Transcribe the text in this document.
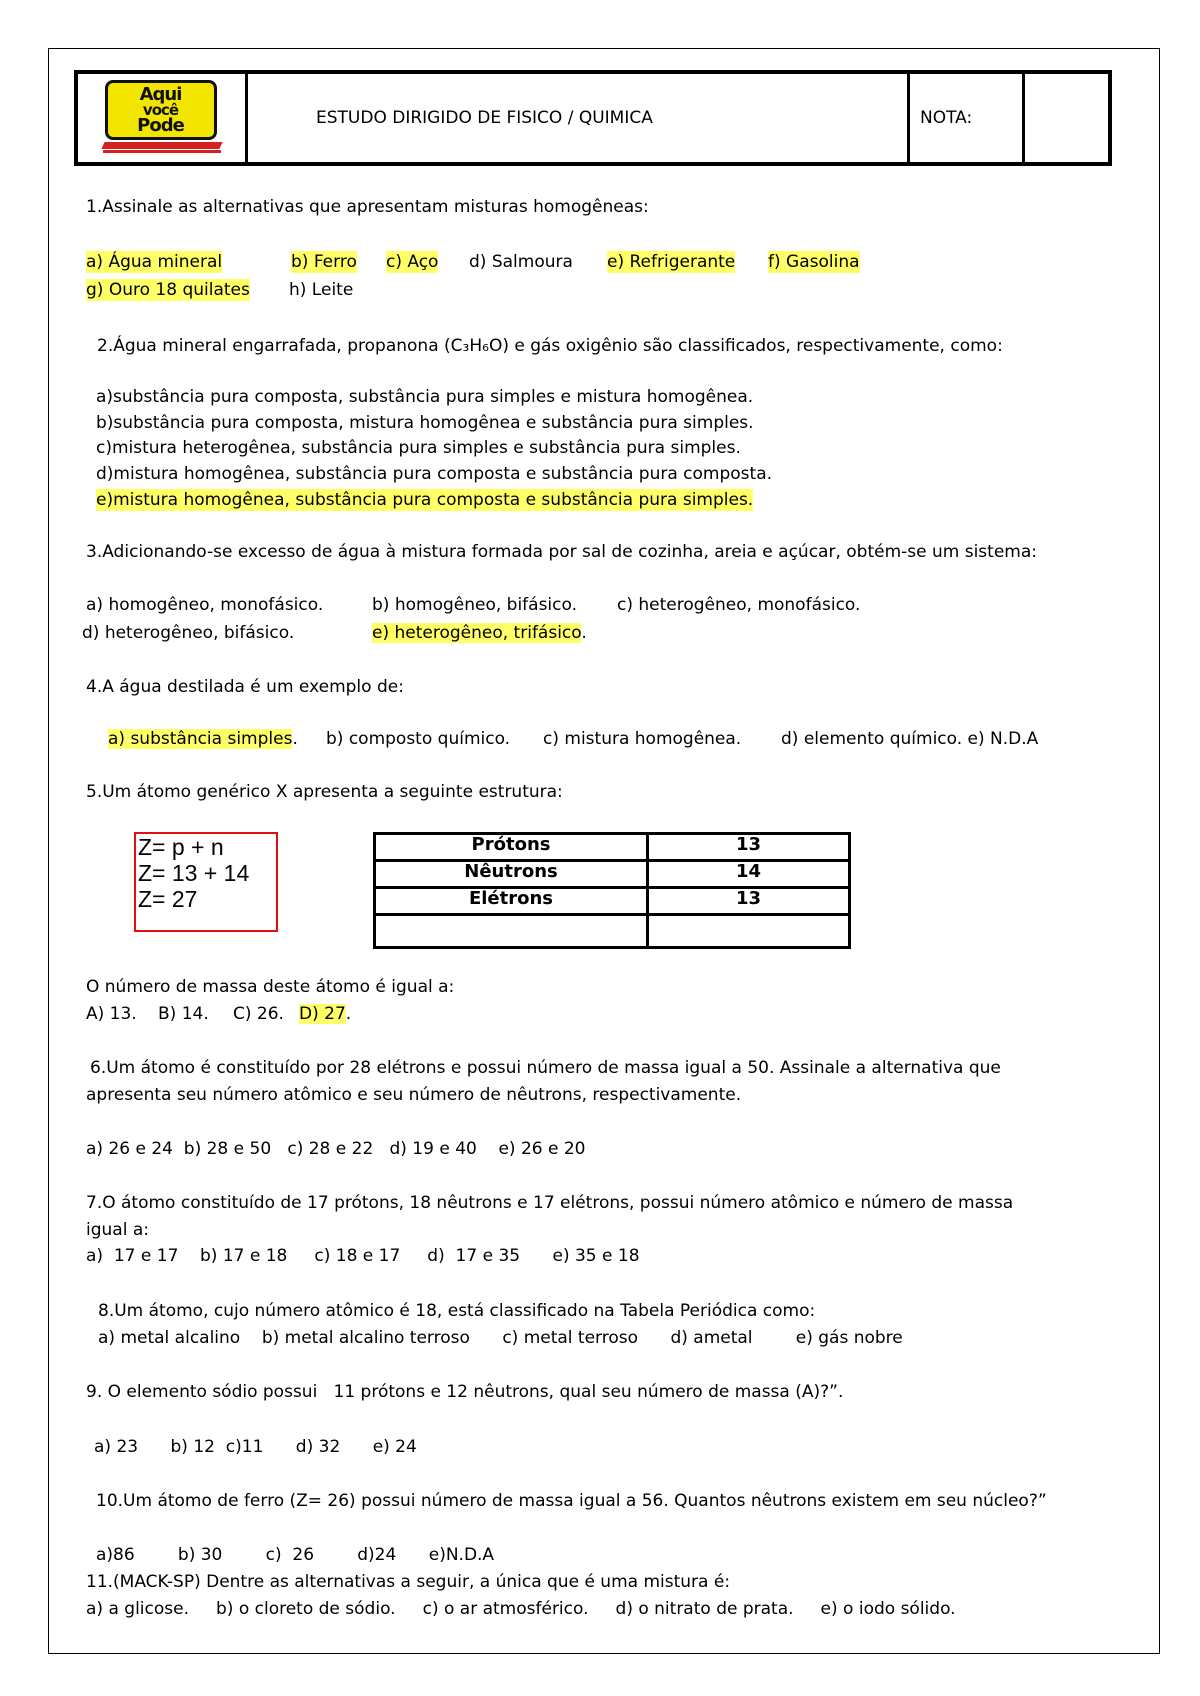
Aqui
você
Pode	ESTUDO DIRIGIDO DE FISICO / QUIMICA	NOTA:
1.Assinale as alternativas que apresentam misturas homogêneas:
a) Água mineral	b) Ferro c) Aço d) Salmoura e) Refrigerante f) Gasolina
g) Ouro 18 quilates h) Leite
2.Água mineral engarrafada, propanona (C₃H₆O) e gás oxigênio são classificados, respectivamente, como:
a)substância pura composta, substância pura simples e mistura homogênea.
b)substância pura composta, mistura homogênea e substância pura simples.
c)mistura heterogênea, substância pura simples e substância pura simples.
d)mistura homogênea, substância pura composta e substância pura composta.
e)mistura homogênea, substância pura composta e substância pura simples.
3.Adicionando-se excesso de água à mistura formada por sal de cozinha, areia e açúcar, obtém-se um sistema:
a) homogêneo, monofásico.	b) homogêneo, bifásico. c) heterogêneo, monofásico.
d) heterogêneo, bifásico.	e) heterogêneo, trifásico.
4.A água destilada é um exemplo de:
a) substância simples. b) composto químico. c) mistura homogênea. d) elemento químico. e) N.D.A
5.Um átomo genérico X apresenta a seguinte estrutura:
Z= p + n
Z= 13 + 14
Z= 27
Prótons	13
Nêutrons	14
Elétrons	13

O número de massa deste átomo é igual a:
A) 13. B) 14. C) 26. D) 27.
6.Um átomo é constituído por 28 elétrons e possui número de massa igual a 50. Assinale a alternativa que
apresenta seu número atômico e seu número de nêutrons, respectivamente.
a) 26 e 24  b) 28 e 50   c) 28 e 22   d) 19 e 40    e) 26 e 20
7.O átomo constituído de 17 prótons, 18 nêutrons e 17 elétrons, possui número atômico e número de massa
igual a:
a)  17 e 17    b) 17 e 18     c) 18 e 17     d)  17 e 35      e) 35 e 18
8.Um átomo, cujo número atômico é 18, está classificado na Tabela Periódica como:
a) metal alcalino    b) metal alcalino terroso      c) metal terroso      d) ametal        e) gás nobre
9. O elemento sódio possui   11 prótons e 12 nêutrons, qual seu número de massa (A)?”.
a) 23      b) 12  c)11      d) 32      e) 24
10.Um átomo de ferro (Z= 26) possui número de massa igual a 56. Quantos nêutrons existem em seu núcleo?”
a)86        b) 30        c)  26        d)24      e)N.D.A
11.(MACK-SP) Dentre as alternativas a seguir, a única que é uma mistura é:
a) a glicose.     b) o cloreto de sódio.     c) o ar atmosférico.     d) o nitrato de prata.     e) o iodo sólido.
